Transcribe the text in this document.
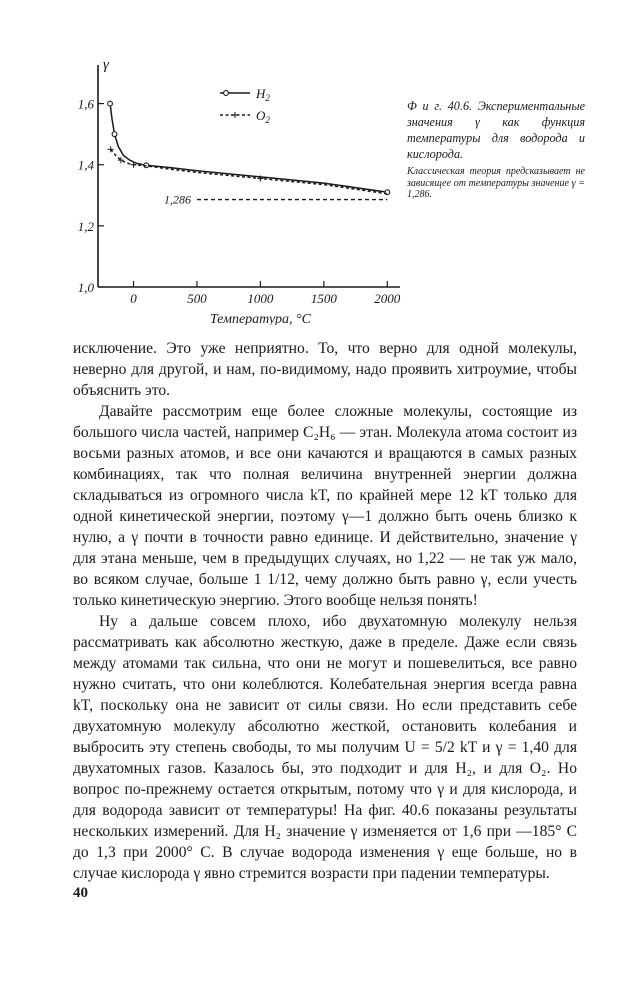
1,0
1,2
1,4
1,6
γ
0	500	1000	1500	2000
Температура, °C
1,286
$H_2$
$O_2$

Ф и г. 40.6. Экспериментальные значения γ как функция температуры для водорода и кислорода.

Классическая теория предсказывает не зависящее от температуры значение γ = 1,286.

исключение. Это уже неприятно. То, что верно для одной молекулы, неверно для другой, и нам, по-видимому, надо проявить хитроумие, чтобы объяснить это.

Давайте рассмотрим еще более сложные молекулы, состоящие из большого числа частей, например C₂H₆ — этан. Молекула атома состоит из восьми разных атомов, и все они качаются и вращаются в самых разных комбинациях, так что полная величина внутренней энергии должна складываться из огромного числа kT, по крайней мере 12 kT только для одной кинетической энергии, поэтому γ—1 должно быть очень близко к нулю, а γ почти в точности равно единице. И действительно, значение γ для этана меньше, чем в предыдущих случаях, но 1,22 — не так уж мало, во всяком случае, больше 1 1/12, чему должно быть равно γ, если учесть только кинетическую энергию. Этого вообще нельзя понять!

Ну а дальше совсем плохо, ибо двухатомную молекулу нельзя рассматривать как абсолютно жесткую, даже в пределе. Даже если связь между атомами так сильна, что они не могут и пошевелиться, все равно нужно считать, что они колеблются. Колебательная энергия всегда равна kT, поскольку она не зависит от силы связи. Но если представить себе двухатомную молекулу абсолютно жесткой, остановить колебания и выбросить эту степень свободы, то мы получим U = 5/2 kT и γ = 1,40 для двухатомных газов. Казалось бы, это подходит и для H₂, и для O₂. Но вопрос по-прежнему остается открытым, потому что γ и для кислорода, и для водорода зависит от температуры! На фиг. 40.6 показаны результаты нескольких измерений. Для H₂ значение γ изменяется от 1,6 при —185° C до 1,3 при 2000° C. В случае водорода изменения γ еще больше, но в случае кислорода γ явно стремится возрасти при падении температуры.

40
